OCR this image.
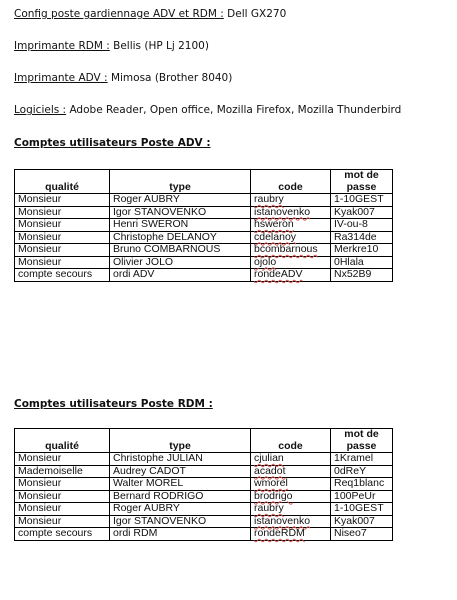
Config poste gardiennage ADV et RDM : Dell GX270
Imprimante RDM : Bellis (HP Lj 2100)
Imprimante ADV : Mimosa (Brother 8040)
Logiciels : Adobe Reader, Open office, Mozilla Firefox, Mozilla Thunderbird
Comptes utilisateurs Poste ADV :
qualité	type	code	mot de passe
Monsieur	Roger AUBRY	raubry	1-10GEST
Monsieur	Igor STANOVENKO	istanovenko	Kyak007
Monsieur	Henri SWERON	hsweron	IV-ou-8
Monsieur	Christophe DELANOY	cdelanoy	Ra314de
Monsieur	Bruno COMBARNOUS	bcombarnous	Merkre10
Monsieur	Olivier JOLO	ojolo	0Hlala
compte secours	ordi ADV	rondeADV	Nx52B9
Comptes utilisateurs Poste RDM :
qualité	type	code	mot de passe
Monsieur	Christophe JULIAN	cjulian	1Kramel
Mademoiselle	Audrey CADOT	acadot	0dReY
Monsieur	Walter MOREL	wmorel	Req1blanc
Monsieur	Bernard RODRIGO	brodrigo	100PeUr
Monsieur	Roger AUBRY	raubry	1-10GEST
Monsieur	Igor STANOVENKO	istanovenko	Kyak007
compte secours	ordi RDM	rondeRDM	Niseo7
